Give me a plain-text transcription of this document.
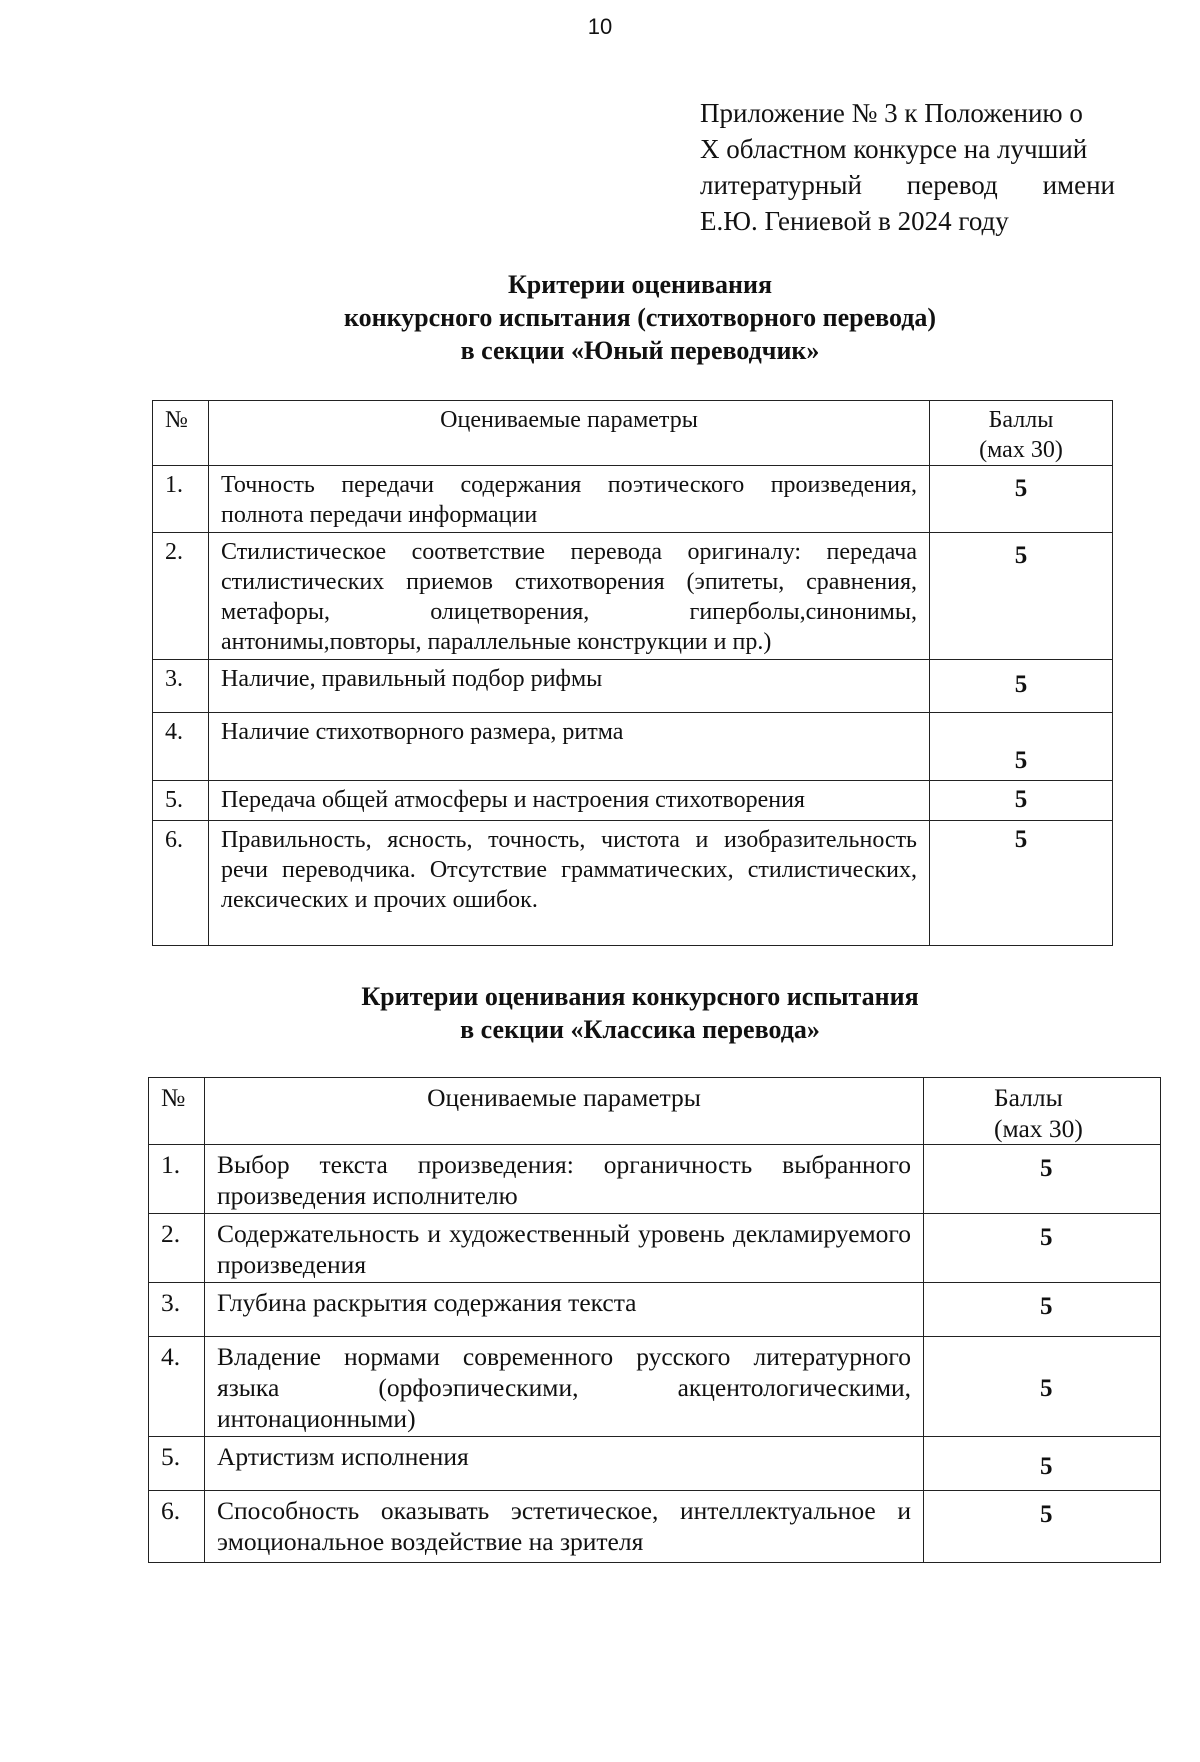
10
Приложение № 3 к Положению о
Х областном конкурсе на лучший
литературный перевод имени
Е.Ю. Гениевой в 2024 году
Критерии оценивания
конкурсного испытания (стихотворного перевода)
в секции «Юный переводчик»
№	Оцениваемые параметры	Баллы
(мах 30)

1.	Точность передачи содержания поэтического произведения, полнота передачи информации	5
2.	Стилистическое соответствие перевода оригиналу: передача стилистических приемов стихотворения (эпитеты, сравнения, метафоры, олицетворения, гиперболы,синонимы, антонимы,повторы, параллельные конструкции и пр.)	5
3.	Наличие, правильный подбор рифмы	5
4.	Наличие стихотворного размера, ритма	5
5.	Передача общей атмосферы и настроения стихотворения	5
6.	Правильность, ясность, точность, чистота и изобразительность речи переводчика. Отсутствие грамматических, стилистических, лексических и прочих ошибок.	5
Критерии оценивания конкурсного испытания
в секции «Классика перевода»
№	Оцениваемые параметры	Баллы
(мах 30)

1.	Выбор текста произведения: органичность выбранного произведения исполнителю	5
2.	Содержательность и художественный уровень декламируемого произведения	5
3.	Глубина раскрытия содержания текста	5
4.	Владение нормами современного русского литературного языка (орфоэпическими, акцентологическими, интонационными)	5
5.	Артистизм исполнения	5
6.	Способность оказывать эстетическое, интеллектуальное и эмоциональное воздействие на зрителя	5
